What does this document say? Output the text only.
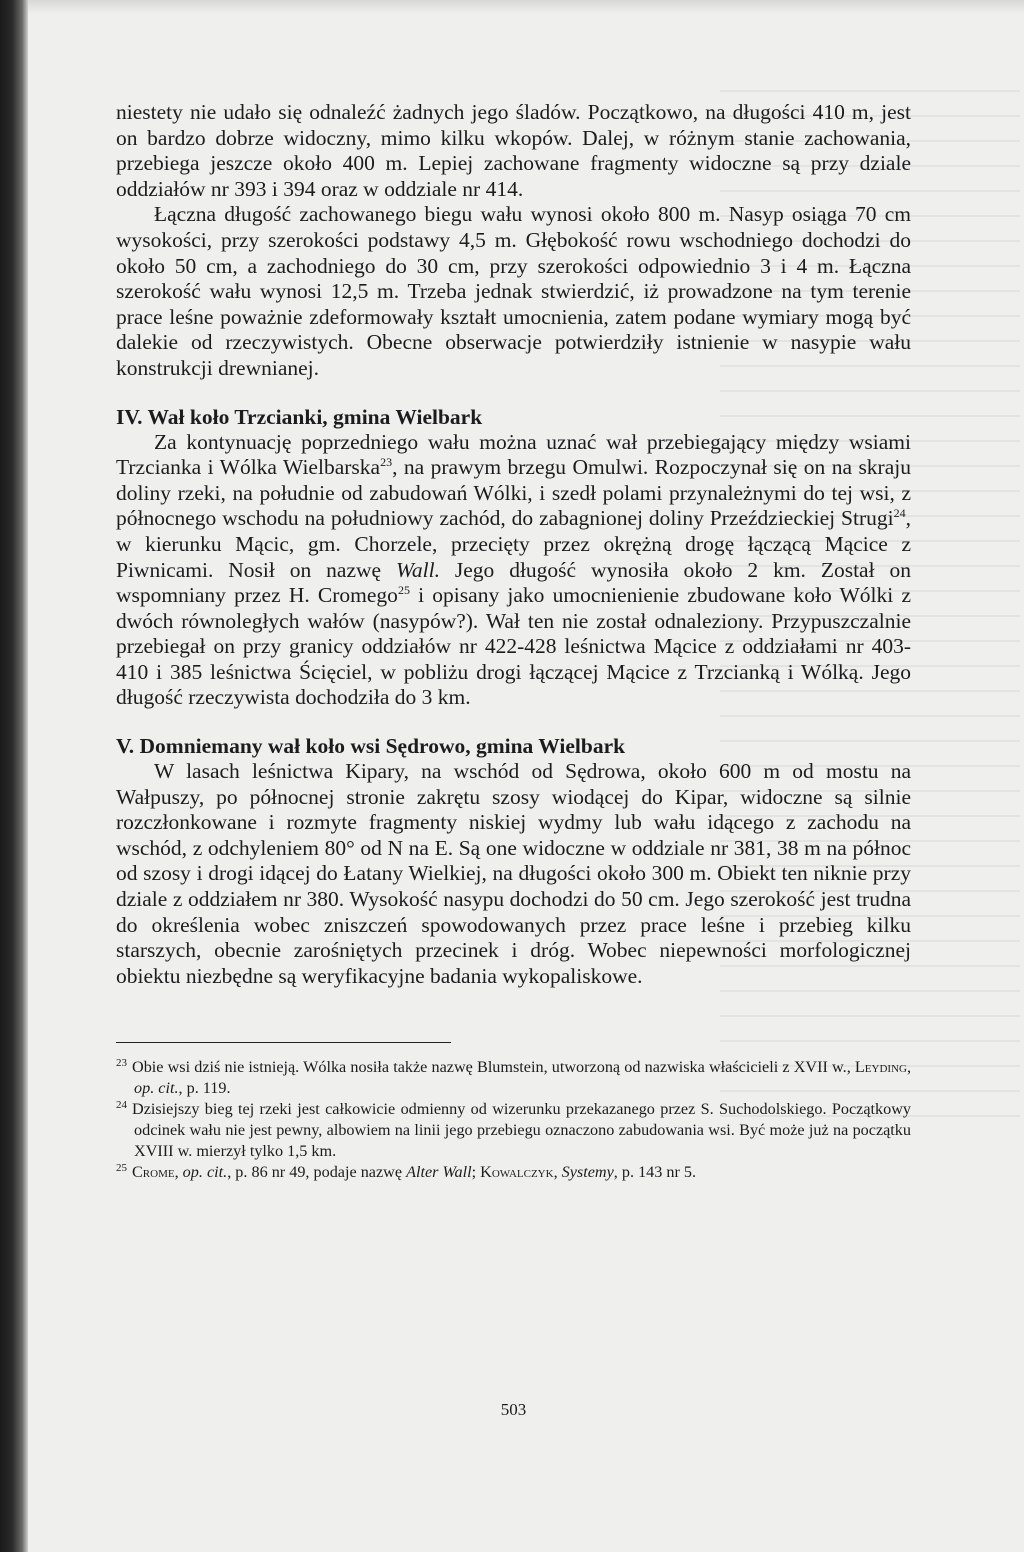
niestety nie udało się odnaleźć żadnych jego śladów. Początkowo, na długości 410 m, jest on bardzo dobrze widoczny, mimo kilku wkopów. Dalej, w różnym stanie zachowania, przebiega jeszcze około 400 m. Lepiej zachowane fragmenty widoczne są przy dziale oddziałów nr 393 i 394 oraz w oddziale nr 414.

Łączna długość zachowanego biegu wału wynosi około 800 m. Nasyp osiąga 70 cm wysokości, przy szerokości podstawy 4,5 m. Głębokość rowu wschodniego dochodzi do około 50 cm, a zachodniego do 30 cm, przy szerokości odpowiednio 3 i 4 m. Łączna szerokość wału wynosi 12,5 m. Trzeba jednak stwierdzić, iż prowadzone na tym terenie prace leśne poważnie zdeformowały kształt umocnienia, zatem podane wymiary mogą być dalekie od rzeczywistych. Obecne obserwacje potwierdziły istnienie w nasypie wału konstrukcji drewnianej.

IV. Wał koło Trzcianki, gmina Wielbark

Za kontynuację poprzedniego wału można uznać wał przebiegający między wsiami Trzcianka i Wólka Wielbarska$^{23}$, na prawym brzegu Omulwi. Rozpoczynał się on na skraju doliny rzeki, na południe od zabudowań Wólki, i szedł polami przynależnymi do tej wsi, z północnego wschodu na południowy zachód, do zabagnionej doliny Przeździeckiej Strugi$^{24}$, w kierunku Mącic, gm. Chorzele, przecięty przez okrężną drogę łączącą Mącice z Piwnicami. Nosił on nazwę Wall. Jego długość wynosiła około 2 km. Został on wspomniany przez H. Cromego$^{25}$ i opisany jako umocnienienie zbudowane koło Wólki z dwóch równoległych wałów (nasypów?). Wał ten nie został odnaleziony. Przypuszczalnie przebiegał on przy granicy oddziałów nr 422-428 leśnictwa Mącice z oddziałami nr 403-410 i 385 leśnictwa Ścięciel, w pobliżu drogi łączącej Mącice z Trzcianką i Wólką. Jego długość rzeczywista dochodziła do 3 km.

V. Domniemany wał koło wsi Sędrowo, gmina Wielbark

W lasach leśnictwa Kipary, na wschód od Sędrowa, około 600 m od mostu na Wałpuszy, po północnej stronie zakrętu szosy wiodącej do Kipar, widoczne są silnie rozczłonkowane i rozmyte fragmenty niskiej wydmy lub wału idącego z zachodu na wschód, z odchyleniem 80° od N na E. Są one widoczne w oddziale nr 381, 38 m na północ od szosy i drogi idącej do Łatany Wielkiej, na długości około 300 m. Obiekt ten niknie przy dziale z oddziałem nr 380. Wysokość nasypu dochodzi do 50 cm. Jego szerokość jest trudna do określenia wobec zniszczeń spowodowanych przez prace leśne i przebieg kilku starszych, obecnie zarośniętych przecinek i dróg. Wobec niepewności morfologicznej obiektu niezbędne są weryfikacyjne badania wykopaliskowe.

$^{23}$ Obie wsi dziś nie istnieją. Wólka nosiła także nazwę Blumstein, utworzoną od nazwiska właścicieli z XVII w., Leyding, op. cit., p. 119.

$^{24}$ Dzisiejszy bieg tej rzeki jest całkowicie odmienny od wizerunku przekazanego przez S. Suchodolskiego. Początkowy odcinek wału nie jest pewny, albowiem na linii jego przebiegu oznaczono zabudowania wsi. Być może już na początku XVIII w. mierzył tylko 1,5 km.

$^{25}$ Crome, op. cit., p. 86 nr 49, podaje nazwę Alter Wall; Kowalczyk, Systemy, p. 143 nr 5.

503
